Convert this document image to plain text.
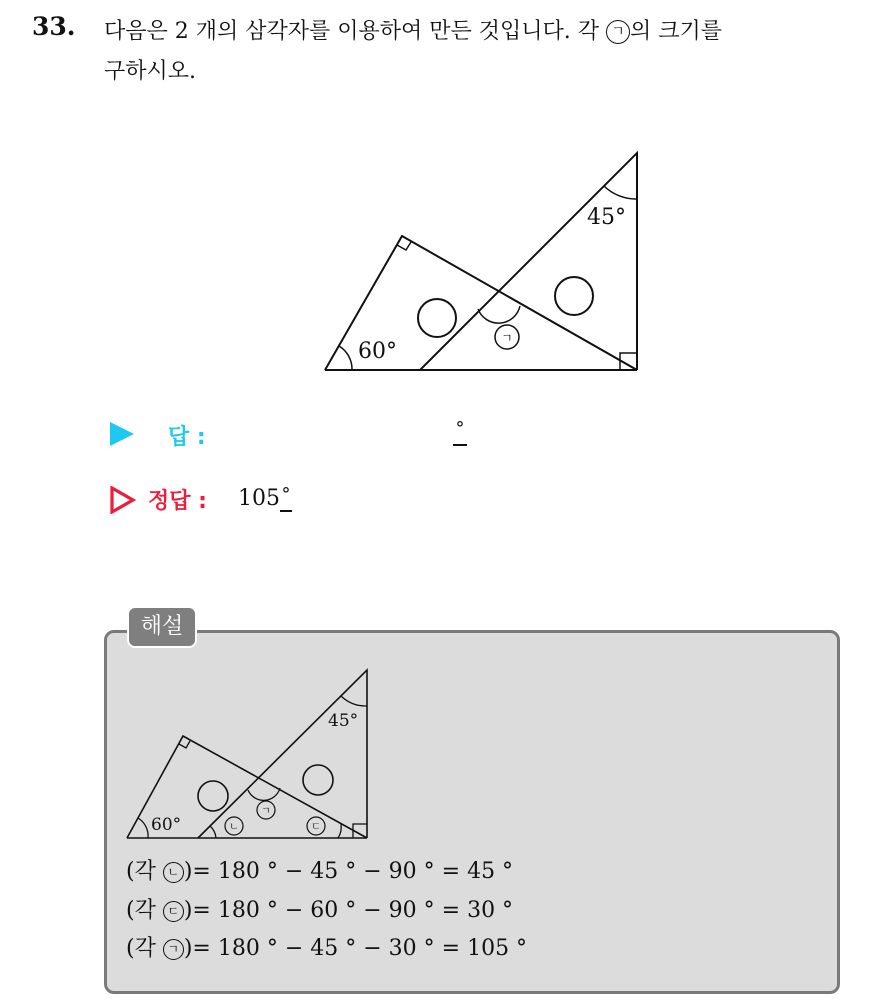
33. 다음은 2 개의 삼각자를 이용하여 만든 것입니다. 각 ㄱ 의 크기를
구하시오.
60°
45°
ㄱ
답 :	°
정답 : 105 °
해설
60°
45°
ㄱ
ㄴ	ㄷ
(각 ㄴ )= 180 ° − 45 ° − 90 ° = 45 °
(각 ㄷ )= 180 ° − 60 ° − 90 ° = 30 °
(각 ㄱ )= 180 ° − 45 ° − 30 ° = 105 °
